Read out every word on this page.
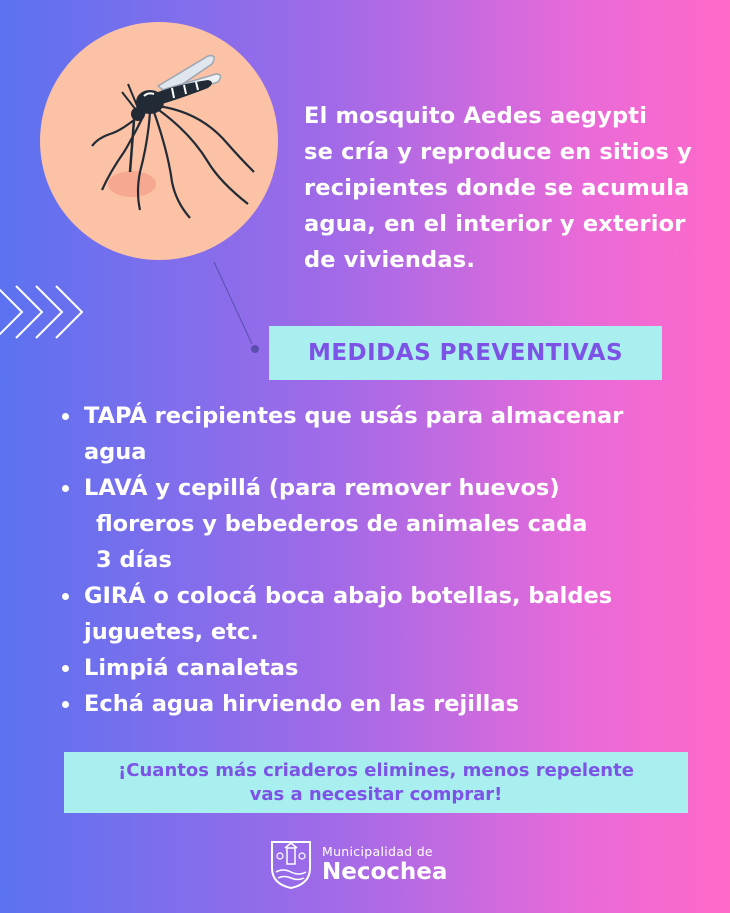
El mosquito Aedes aegypti
se cría y reproduce en sitios y
recipientes donde se acumula
agua, en el interior y exterior
de viviendas.
MEDIDAS PREVENTIVAS
TAPÁ recipientes que usás para almacenar
agua
LAVÁ y cepillá (para remover huevos)
floreros y bebederos de animales cada
3 días
GIRÁ o colocá boca abajo botellas, baldes
juguetes, etc.
Limpiá canaletas
Echá agua hirviendo en las rejillas
¡Cuantos más criaderos elimines, menos repelente
vas a necesitar comprar!
Municipalidad de
Necochea
